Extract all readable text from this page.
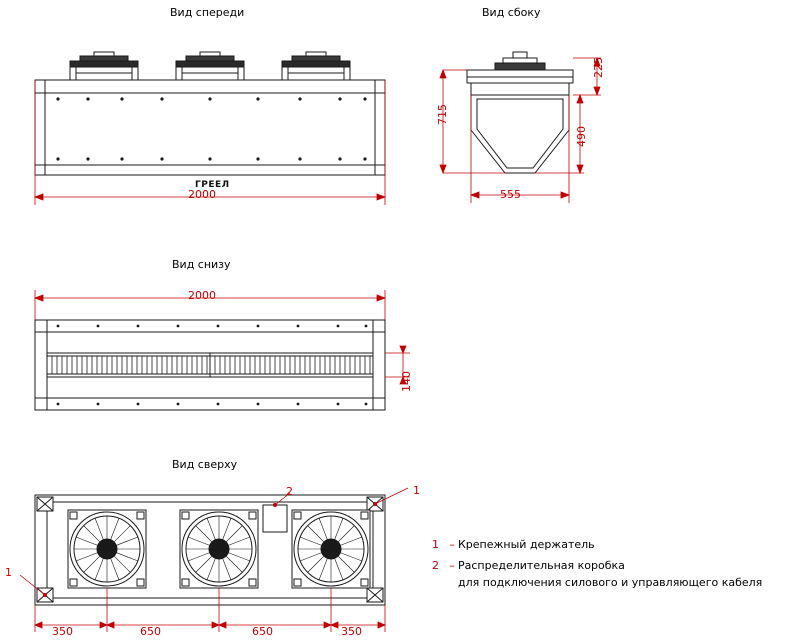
Вид спереди	Вид сбоку
Вид снизу
Вид сверху
ГРЕЕЛ
2000
715
225
490
555
2000
140
1
1
2
350	650	650	350
1 – Крепежный держатель
2 – Распределительная коробка
для подключения силового и управляющего кабеля
